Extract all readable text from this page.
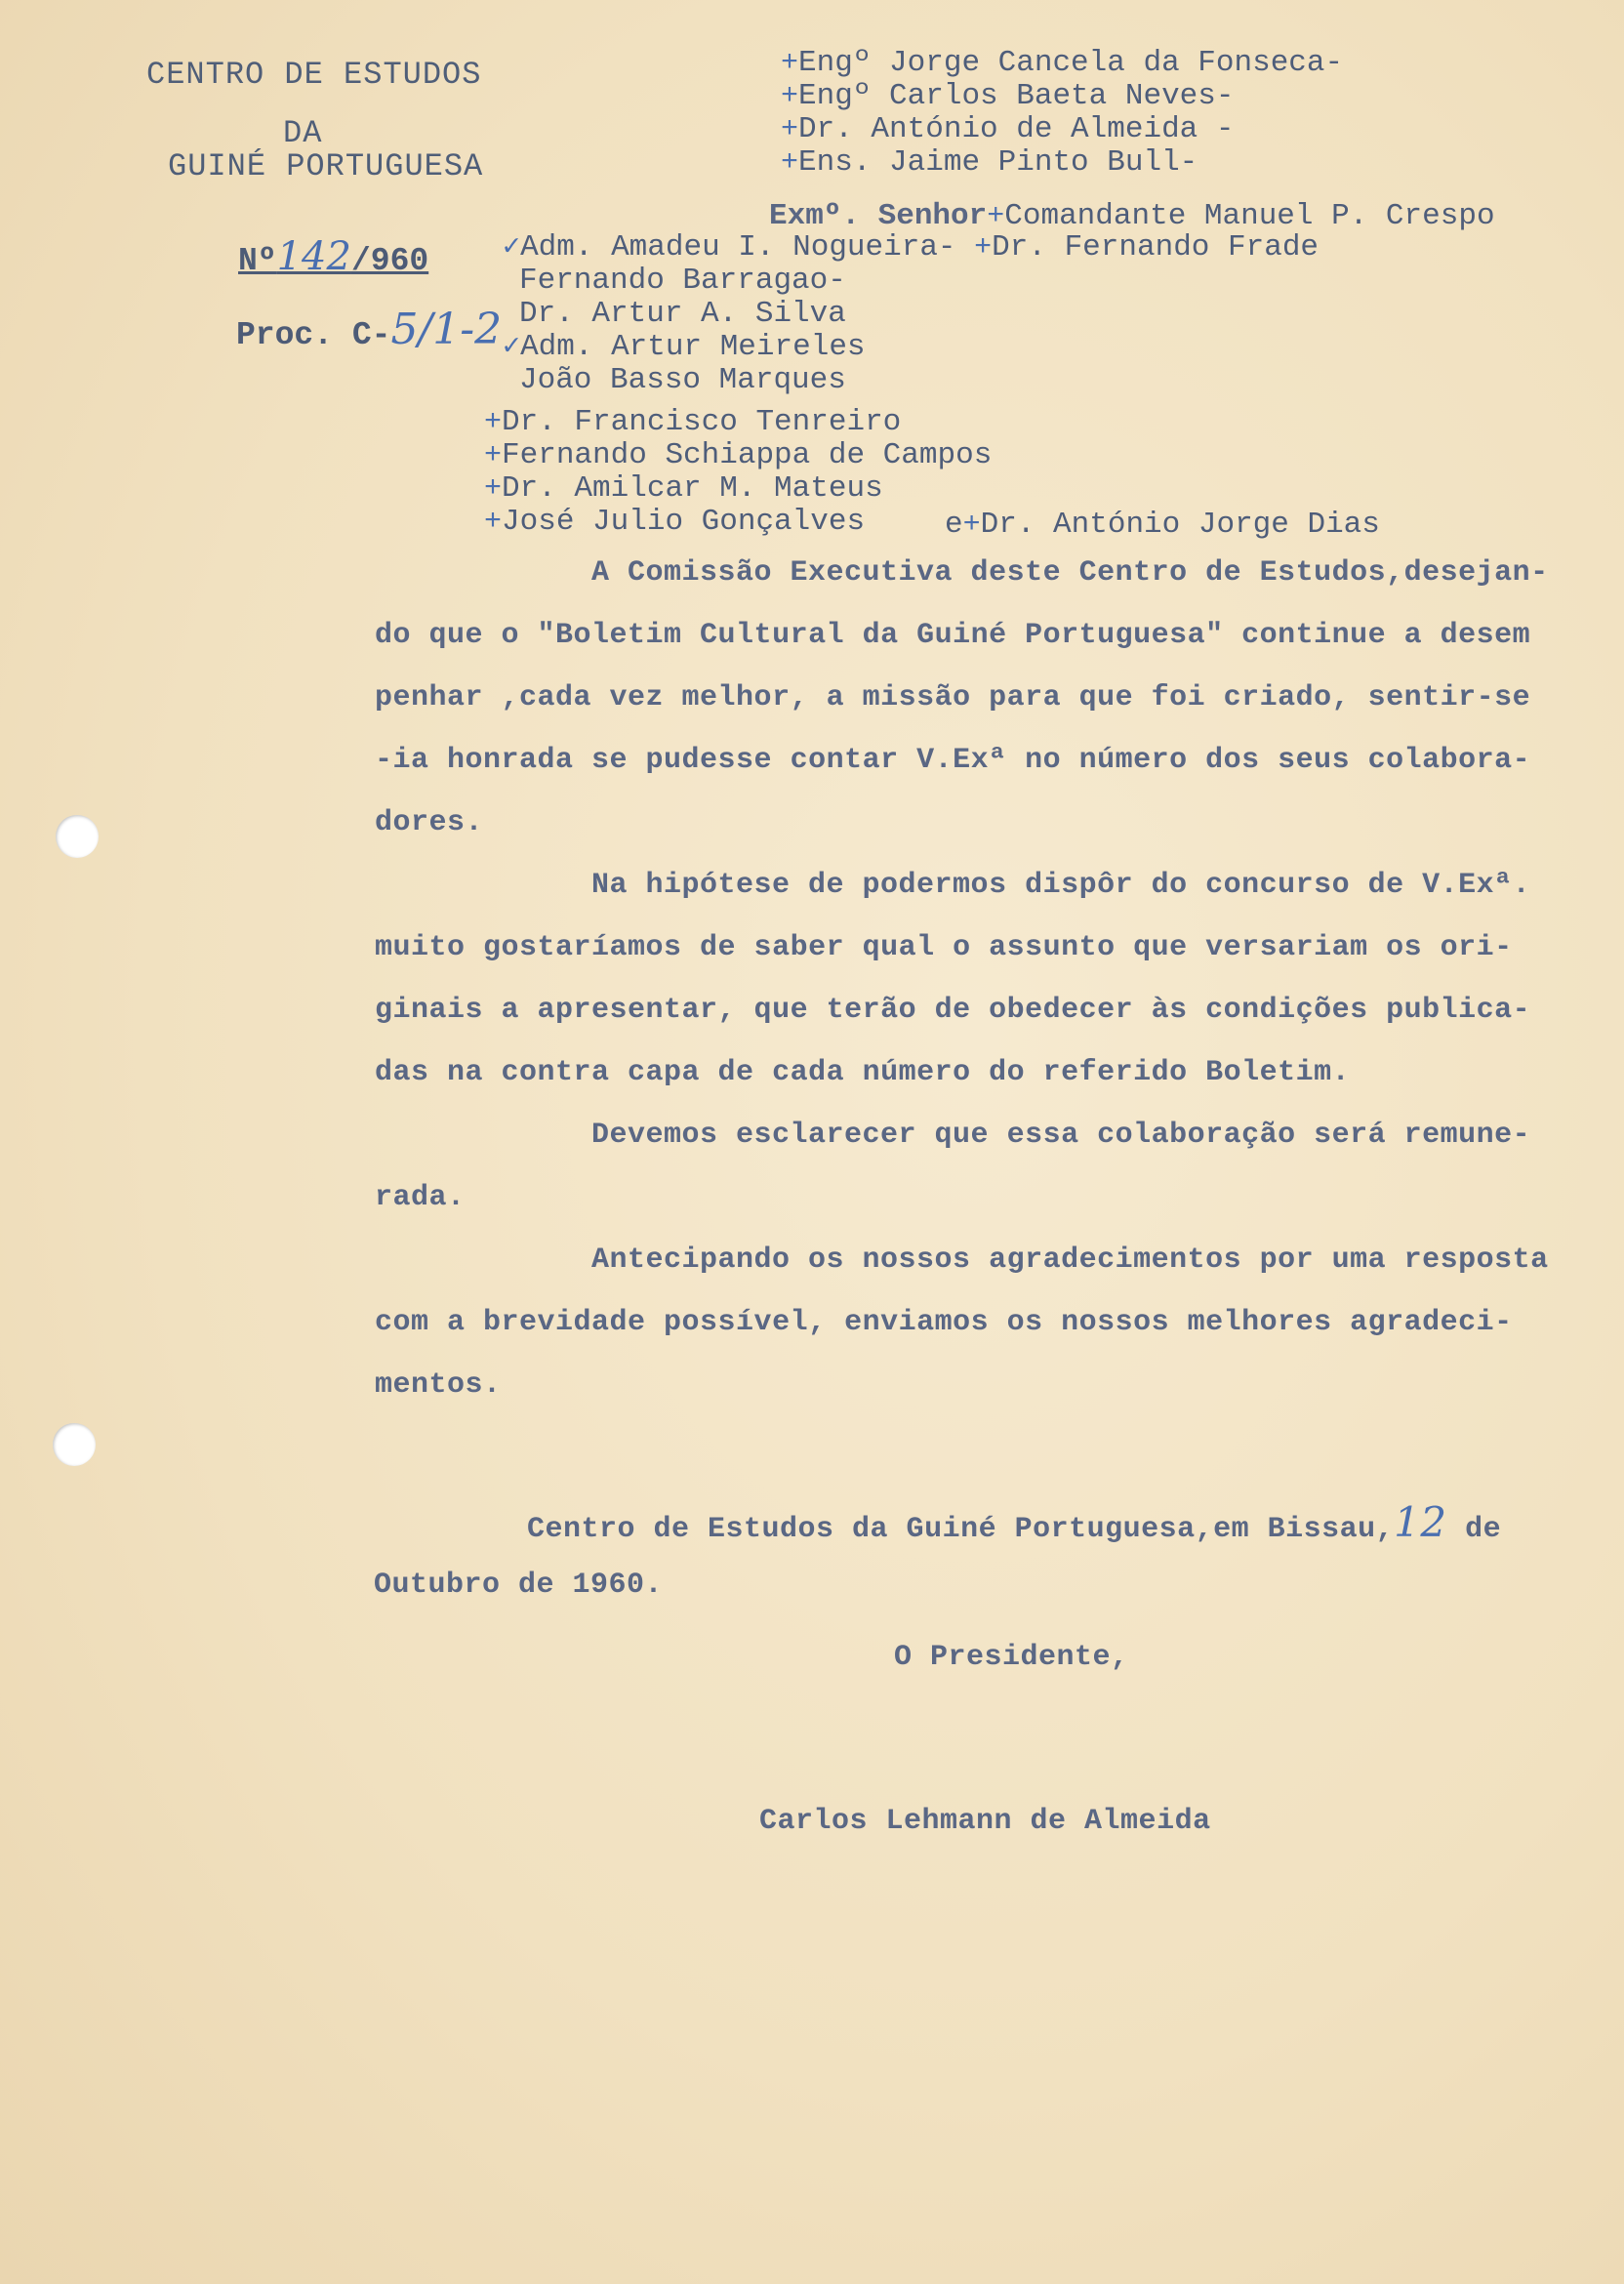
CENTRO DE ESTUDOS
DA
GUINÉ PORTUGUESA
Nº142/960
Proc. C-5/1-2
+Engº Jorge Cancela da Fonseca-
+Engº Carlos Baeta Neves-
+Dr. António de Almeida -
+Ens. Jaime Pinto Bull-
Exmº. Senhor+Comandante Manuel P. Crespo
✓Adm. Amadeu I. Nogueira- +Dr. Fernando Frade
Fernando Barragao-
Dr. Artur A. Silva
✓Adm. Artur Meireles
João Basso Marques
+Dr. Francisco Tenreiro
+Fernando Schiappa de Campos
+Dr. Amilcar M. Mateus
+José Julio Gonçalves	e+Dr. António Jorge Dias
A Comissão Executiva deste Centro de Estudos,desejan-
do que o "Boletim Cultural da Guiné Portuguesa" continue a desem
penhar ,cada vez melhor, a missão para que foi criado, sentir-se
-ia honrada se pudesse contar V.Exª no número dos seus colabora-
dores.
Na hipótese de podermos dispôr do concurso de V.Exª.
muito gostaríamos de saber qual o assunto que versariam os ori-
ginais a apresentar, que terão de obedecer às condições publica-
das na contra capa de cada número do referido Boletim.
Devemos esclarecer que essa colaboração será remune-
rada.
Antecipando os nossos agradecimentos por uma resposta
com a brevidade possível, enviamos os nossos melhores agradeci-
mentos.
Centro de Estudos da Guiné Portuguesa,em Bissau,12 de
Outubro de 1960.
O Presidente,
Carlos Lehmann de Almeida
